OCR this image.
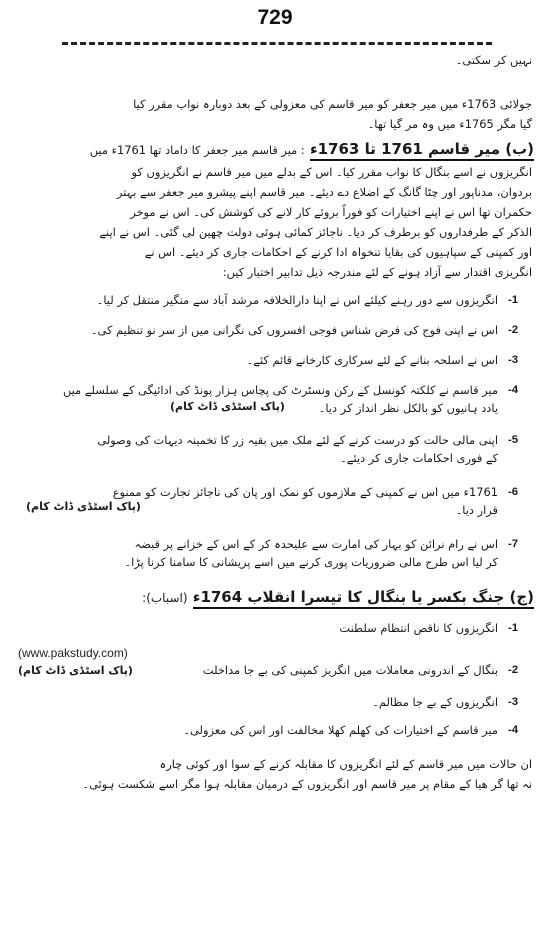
729
نہیں کر سکتی۔
جولائی 1763ء میں میر جعفر کو میر قاسم کی معزولی کے بعد دوبارہ نواب مقرر کیا
گیا مگر 1765ء میں وہ مر گیا تھا۔
(ب) میر قاسم 1761 تا 1763ء : میر قاسم میر جعفر کا داماد تھا 1761ء میں
انگریزوں نے اسے بنگال کا نواب مقرر کیا۔ اس کے بدلے میں میر قاسم نے انگریزوں کو
بردوان، مدناپور اور چٹا گانگ کے اضلاع دے دیئے۔ میر قاسم اپنے پیشرو میر جعفر سے بہتر
حکمران تھا اس نے اپنے اختیارات کو فوراً بروئے کار لانے کی کوشش کی۔ اس نے موخر
الذکر کے طرفداروں کو برطرف کر دیا۔ ناجائز کمائی ہوئی دولت چھین لی گئی۔ اس نے اپنے
اور کمپنی کے سپاہیوں کی بقایا تنخواہ ادا کرنے کے احکامات جاری کر دیئے۔ اس نے
انگریزی اقتدار سے آزاد ہونے کے لئے مندرجہ ذیل تدابیر اختیار کیں:
-1
انگریزوں سے دور رہنے کیلئے اس نے اپنا دارالخلافہ مرشد آباد سے منگیر منتقل کر لیا۔
-2
اس نے اپنی فوج کی فرض شناس فوجی افسروں کی نگرانی میں از سر نو تنظیم کی۔
-3
اس نے اسلحہ بنانے کے لئے سرکاری کارخانے قائم کئے۔
-4
میر قاسم نے کلکتہ کونسل کے رکن ونسٹرٹ کی پچاس ہزار پونڈ کی ادائیگی کے سلسلے میں
یادد ہانیوں کو بالکل نظر انداز کر دیا۔
(پاک اسٹڈی ڈاٹ کام)
-5
اپنی مالی حالت کو درست کرنے کے لئے ملک میں بقیہ زر کا تخمینہ دیہات کی وصولی
کے فوری احکامات جاری کر دیئے۔
-6
1761ء میں اس نے کمپنی کے ملازموں کو نمک اور پان کی ناجائز تجارت کو ممنوع
قرار دیا۔
(پاک اسٹڈی ڈاٹ کام)
-7
اس نے رام نرائن کو بہار کی امارت سے علیحدہ کر کے اس کے خزانے پر قبضہ
کر لیا اس طرح مالی ضروریات پوری کرنے میں اسے پریشانی کا سامنا کرنا پڑا۔
(ج) جنگ بکسر یا بنگال کا تیسرا انقلاب 1764ء (اسباب):
-1
انگریزوں کا ناقص انتظام سلطنت
(www.pakstudy.com)
-2
بنگال کے اندرونی معاملات میں انگریز کمپنی کی بے جا مداخلت
(پاک اسٹڈی ڈاٹ کام)
-3
انگریزوں کے بے جا مظالم۔
-4
میر قاسم کے اختیارات کی کھلم کھلا مخالفت اور اس کی معزولی۔
ان حالات میں میر قاسم کے لئے انگریزوں کا مقابلہ کرنے کے سوا اور کوئی چارہ
نہ تھا گر ھیا کے مقام پر میر قاسم اور انگریزوں کے درمیان مقابلہ ہوا مگر اسے شکست ہوئی۔
